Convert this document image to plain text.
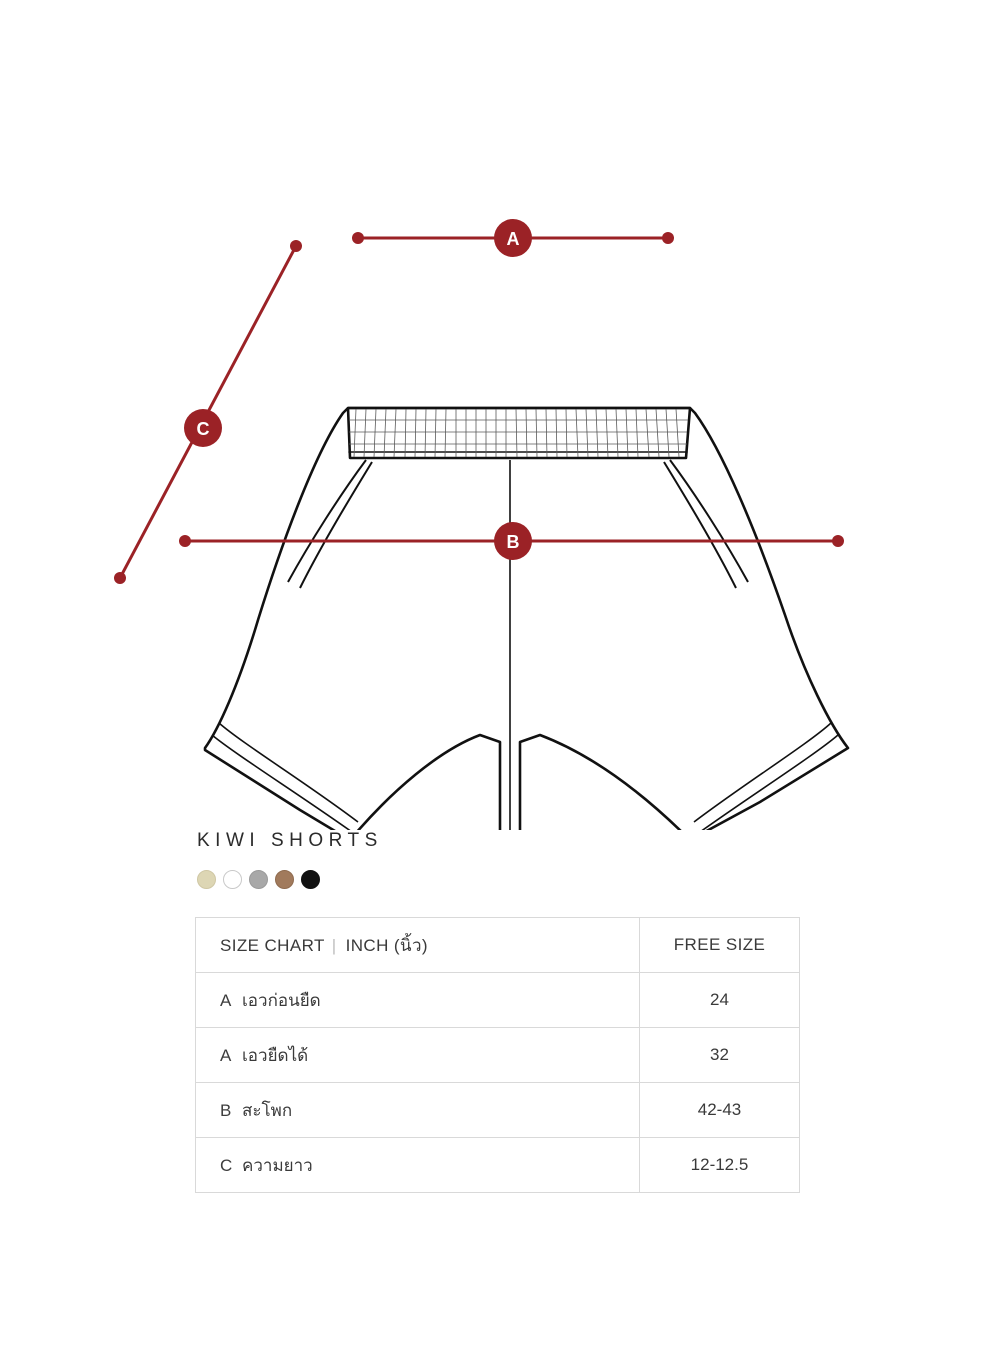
A
B
C
KIWI SHORTS
SIZE CHART | INCH (นิ้ว)	FREE SIZE
A เอวก่อนยืด	24
A เอวยืดได้	32
B สะโพก	42-43
C ความยาว	12-12.5
